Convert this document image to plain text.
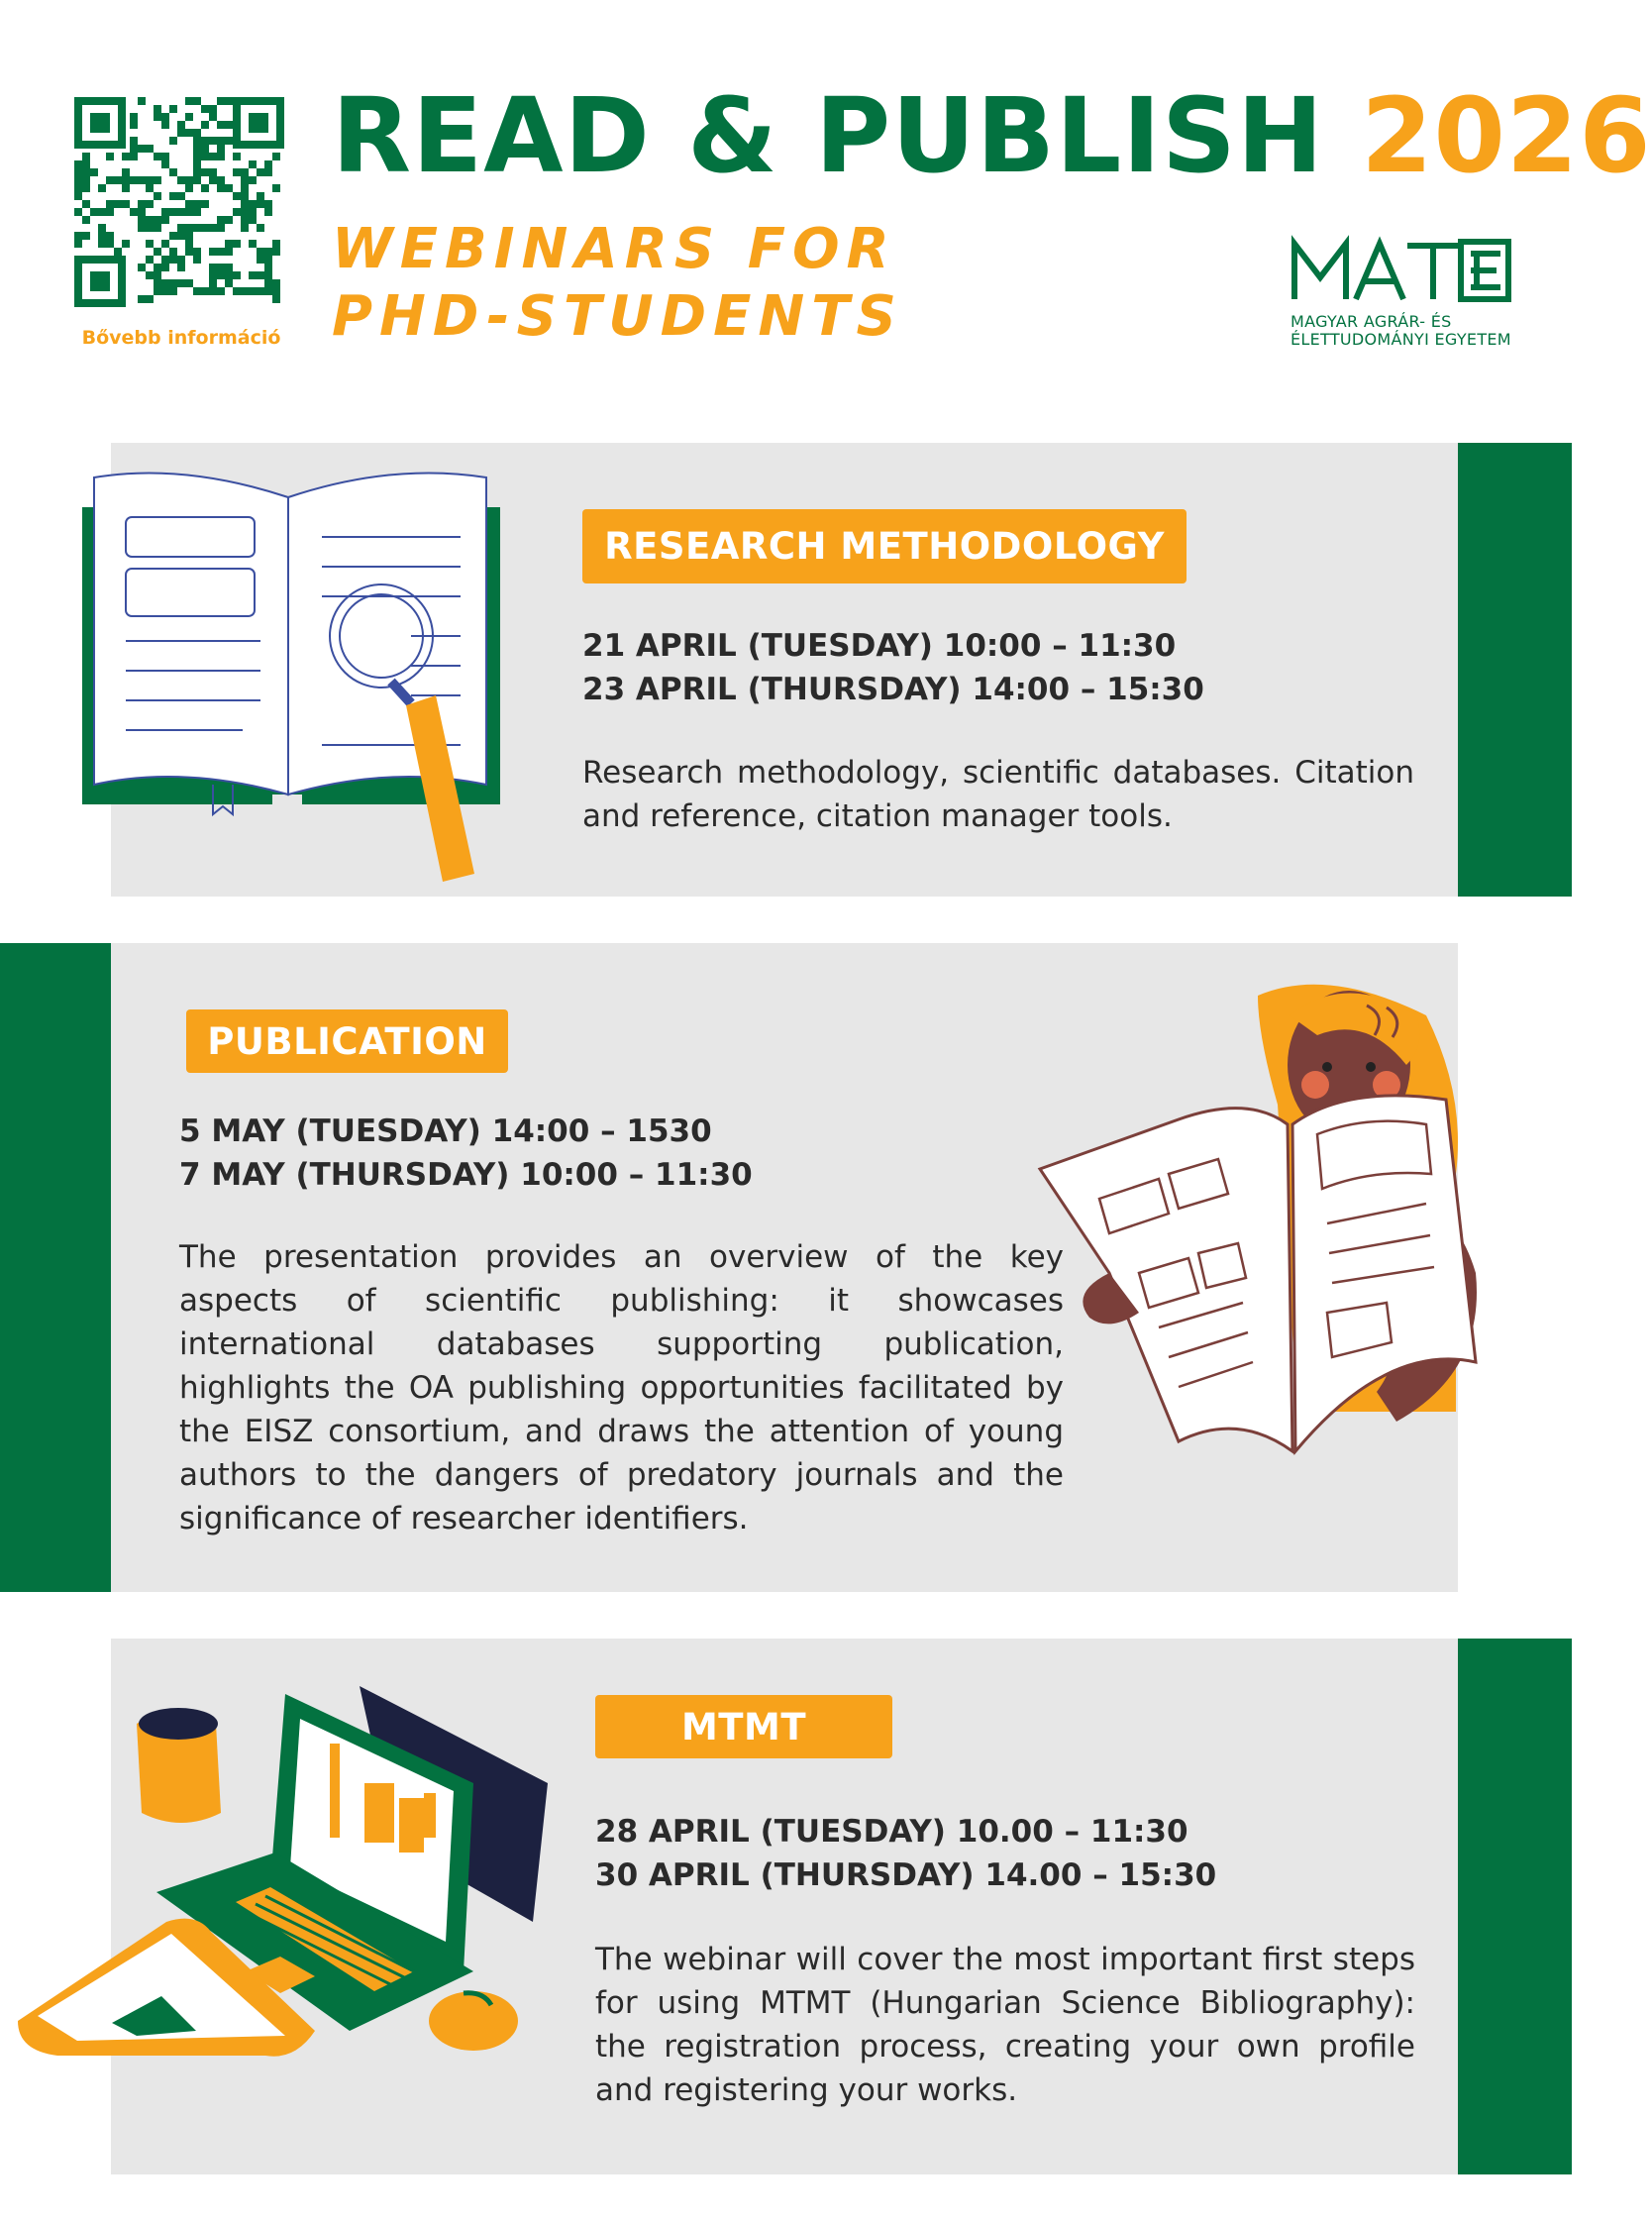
Bővebb információ
READ & PUBLISH 2026
WEBINARS FOR
PHD-STUDENTS	MAGYAR AGRÁR- ÉS
ÉLETTUDOMÁNYI EGYETEM
RESEARCH METHODOLOGY
21 APRIL (TUESDAY) 10:00 – 11:30
23 APRIL (THURSDAY) 14:00 – 15:30
Research methodology, scientific databases. Citation and reference, citation manager tools.
PUBLICATION
5 MAY (TUESDAY) 14:00 – 1530
7 MAY (THURSDAY) 10:00 – 11:30
The presentation provides an overview of the key aspects of scientific publishing: it showcases international databases supporting publication, highlights the OA publishing opportunities facilitated by the EISZ consortium, and draws the attention of young authors to the dangers of predatory journals and the significance of researcher identifiers.
MTMT
28 APRIL (TUESDAY) 10.00 – 11:30
30 APRIL (THURSDAY) 14.00 – 15:30
The webinar will cover the most important first steps for using MTMT (Hungarian Science Bibliography): the registration process, creating your own profile and registering your works.
